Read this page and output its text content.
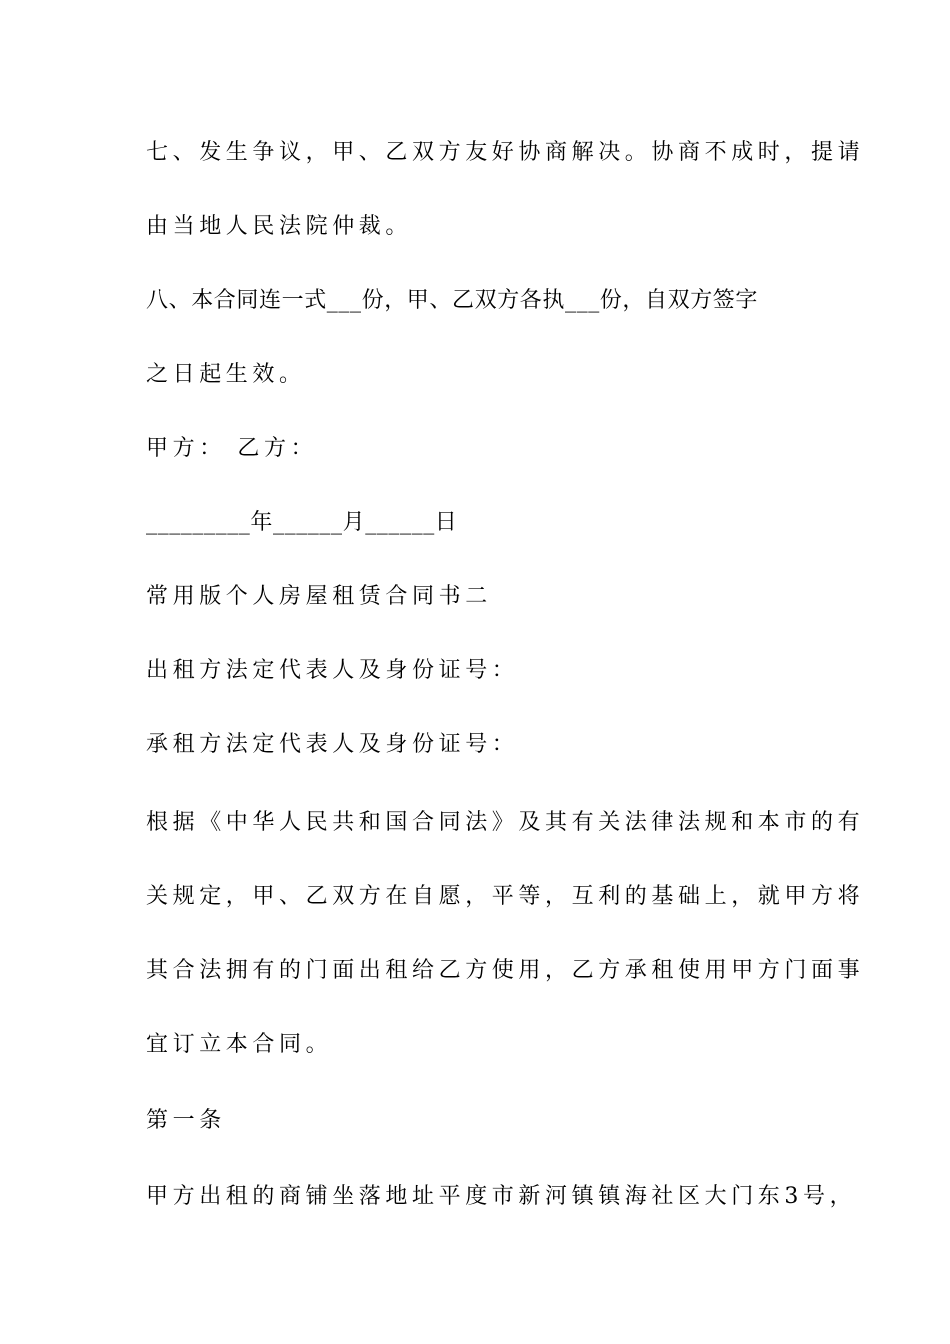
七、发生争议，甲、乙双方友好协商解决。协商不成时，提请
由当地人民法院仲裁。
八、本合同连一式___份，甲、乙双方各执___份，自双方签字
之日起生效。
甲方： 乙方：
_________年______月______日
常用版个人房屋租赁合同书二
出租方法定代表人及身份证号：
承租方法定代表人及身份证号：
根据《中华人民共和国合同法》及其有关法律法规和本市的有
关规定，甲、乙双方在自愿，平等，互利的基础上，就甲方将
其合法拥有的门面出租给乙方使用，乙方承租使用甲方门面事
宜订立本合同。
第一条
甲方出租的商铺坐落地址平度市新河镇镇海社区大门东3号，
